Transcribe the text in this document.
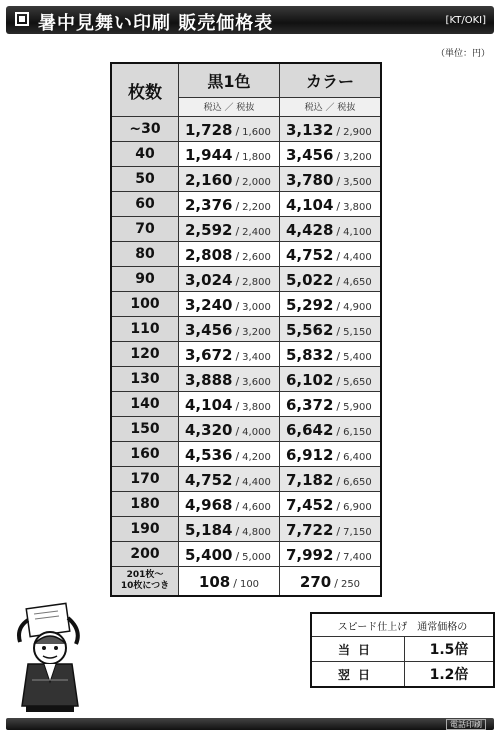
暑中見舞い印刷 販売価格表	[KT/OKI]
（単位：円）
枚数	黒1色	カラー
	税込 ／ 税抜	税込 ／ 税抜
~30	1,728 / 1,600	3,132 / 2,900
40	1,944 / 1,800	3,456 / 3,200
50	2,160 / 2,000	3,780 / 3,500
60	2,376 / 2,200	4,104 / 3,800
70	2,592 / 2,400	4,428 / 4,100
80	2,808 / 2,600	4,752 / 4,400
90	3,024 / 2,800	5,022 / 4,650
100	3,240 / 3,000	5,292 / 4,900
110	3,456 / 3,200	5,562 / 5,150
120	3,672 / 3,400	5,832 / 5,400
130	3,888 / 3,600	6,102 / 5,650
140	4,104 / 3,800	6,372 / 5,900
150	4,320 / 4,000	6,642 / 6,150
160	4,536 / 4,200	6,912 / 6,400
170	4,752 / 4,400	7,182 / 6,650
180	4,968 / 4,600	7,452 / 6,900
190	5,184 / 4,800	7,722 / 7,150
200	5,400 / 5,000	7,992 / 7,400
201枚～
10枚につき	108 / 100	270 / 250
スピード仕上げ　通常価格の	
当日	1.5倍
翌日	1.2倍
電話印刷
